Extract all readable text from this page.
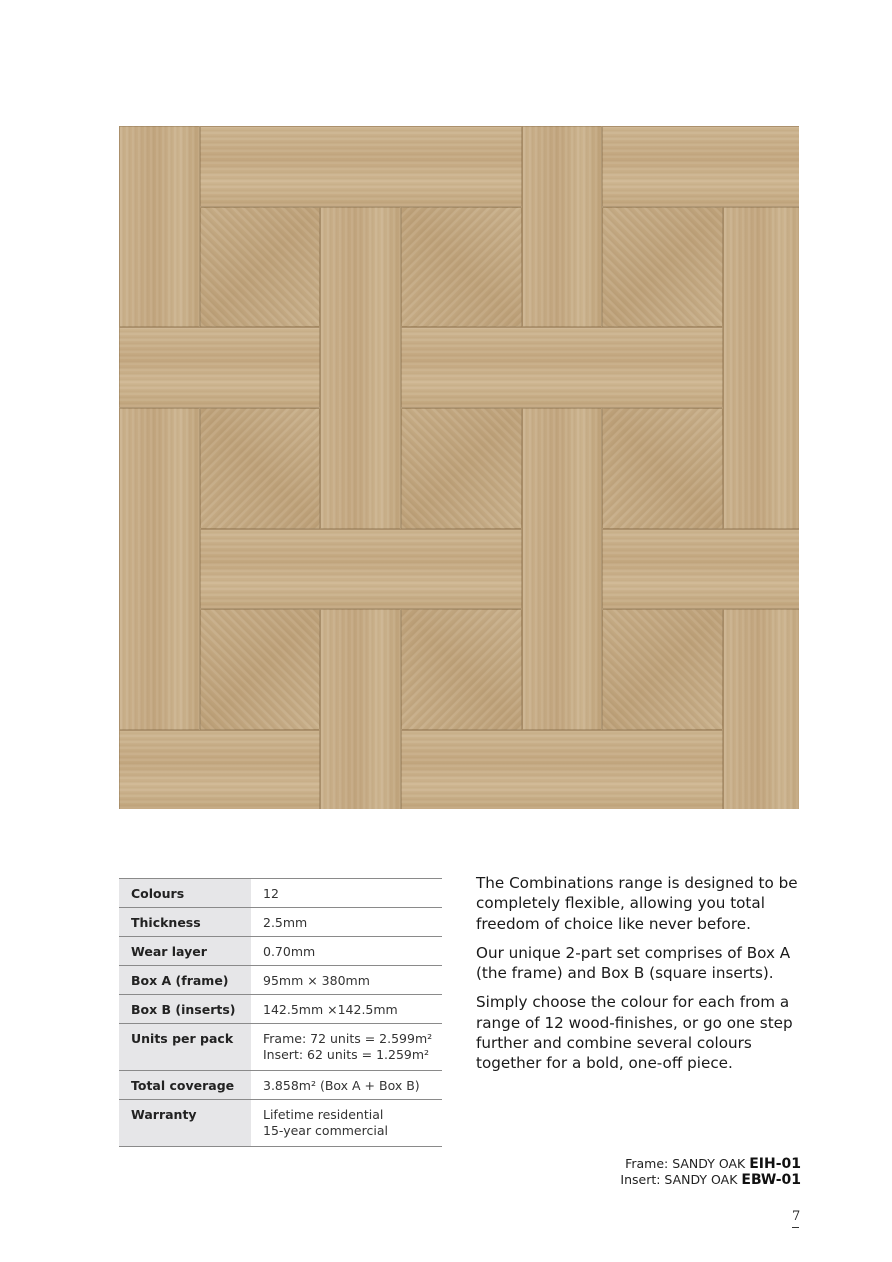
Colours	12
Thickness	2.5mm
Wear layer	0.70mm
Box A (frame)	95mm × 380mm
Box B (inserts)	142.5mm ×142.5mm
Units per pack	Frame: 72 units = 2.599m²
Insert: 62 units = 1.259m²

Total coverage	3.858m² (Box A + Box B)
Warranty	Lifetime residential
15-year commercial

The Combinations range is designed to be completely flexible, allowing you total freedom of choice like never before.

Our unique 2-part set comprises of Box A (the frame) and Box B (square inserts).

Simply choose the colour for each from a range of 12 wood-finishes, or go one step further and combine several colours together for a bold, one-off piece.

Frame: SANDY OAK EIH-01
Insert: SANDY OAK EBW-01
7
